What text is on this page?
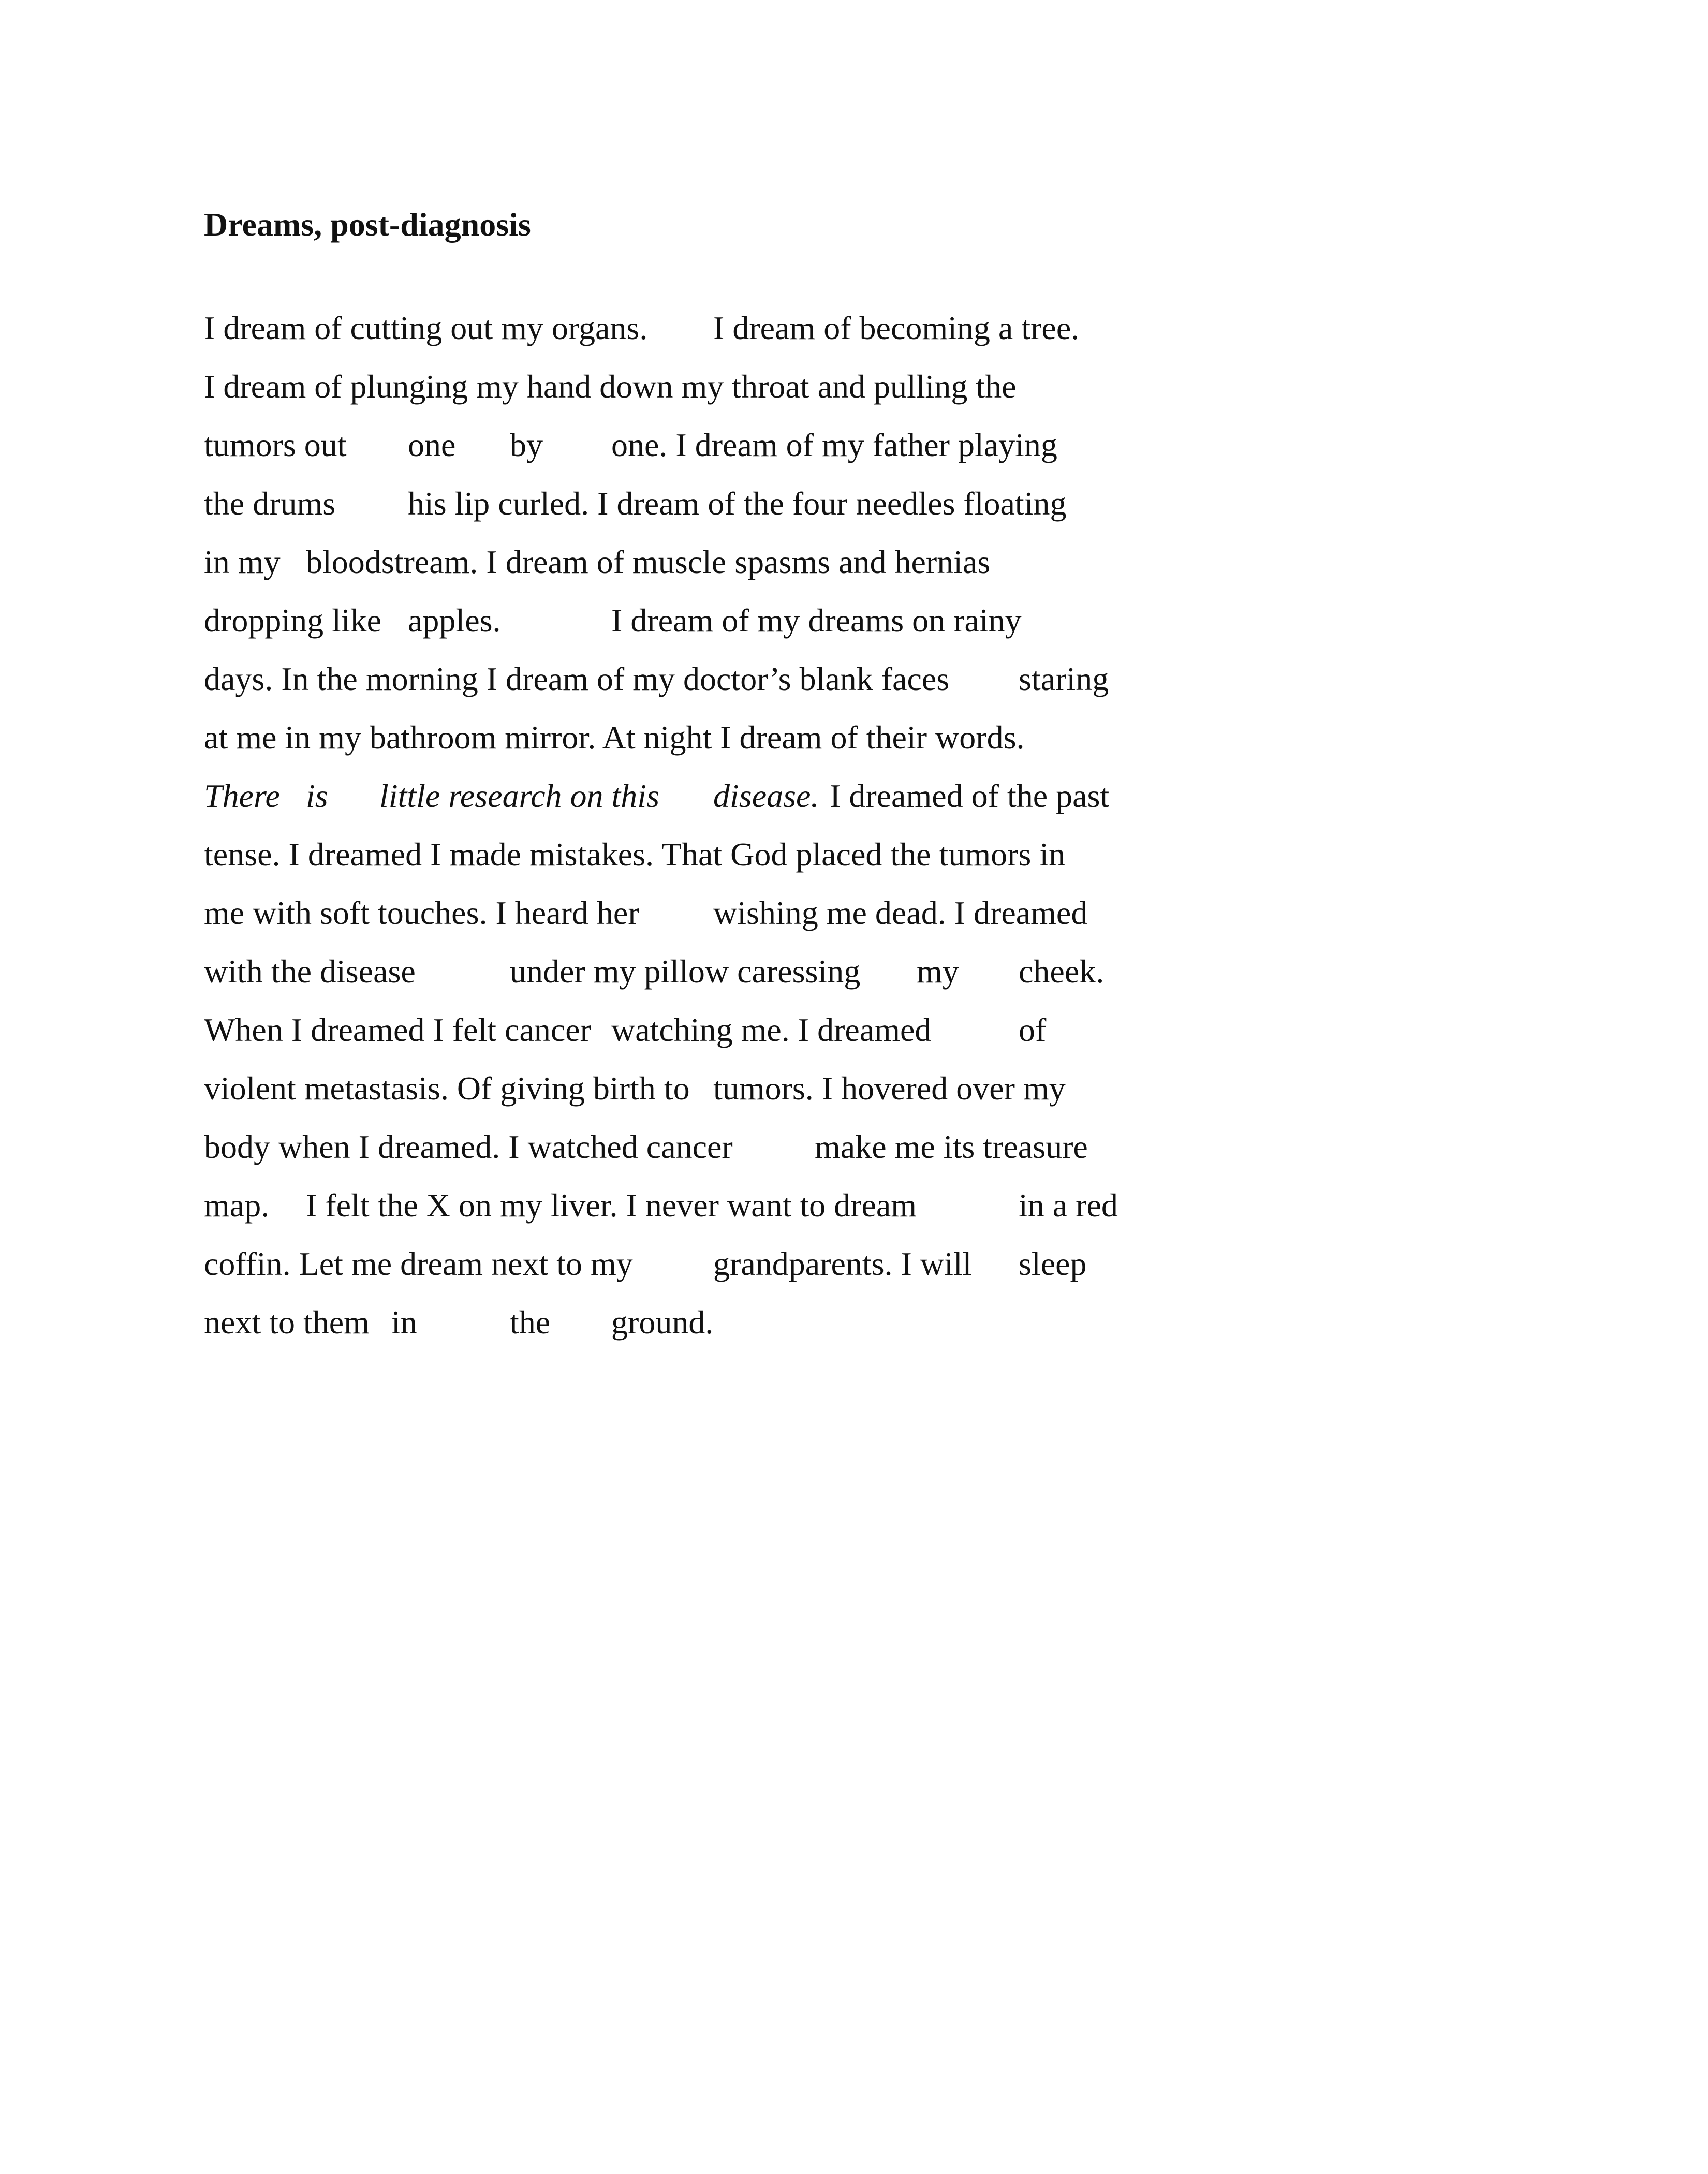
Dreams, post-diagnosis
I dream of cutting out my organs. I dream of becoming a tree.
I dream of plunging my hand down my throat and pulling the
tumors out one by one. I dream of my father playing
the drums his lip curled. I dream of the four needles floating
in my bloodstream. I dream of muscle spasms and hernias
dropping like apples.	I dream of my dreams on rainy
days. In the morning I dream of my doctor’s blank faces staring
at me in my bathroom mirror. At night I dream of their words.
There is little research on this disease. I dreamed of the past
tense. I dreamed I made mistakes. That God placed the tumors in
me with soft touches. I heard her wishing me dead. I dreamed
with the disease	under my pillow caressing my cheek.
When I dreamed I felt cancer watching me. I dreamed	of
violent metastasis. Of giving birth to tumors. I hovered over my
body when I dreamed. I watched cancer make me its treasure
map. I felt the X on my liver. I never want to dream	in a red
coffin. Let me dream next to my grandparents. I will sleep
next to them in	the ground.
